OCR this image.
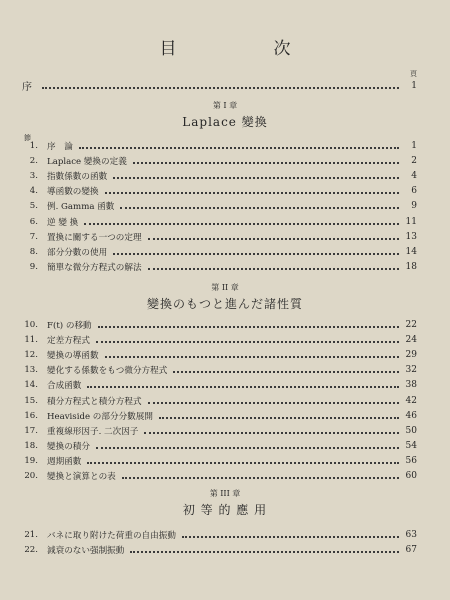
目　次
頁
序	1
第 I 章
Laplace 變換
節
1.	序　論	1
2.	Laplace 變換の定義	2
3.	指數係數の函數	4
4.	導函數の變換	6
5.	例. Gamma 函數	9
6.	逆 變 換	11
7.	置換に關する一つの定理	13
8.	部分分數の使用	14
9.	簡單な微分方程式の解法	18
第 II 章
變換のもつと進んだ諸性質
10.	F(t) の移動	22
11.	定差方程式	24
12.	變換の導函數	29
13.	變化する係數をもつ微分方程式	32
14.	合成函數	38
15.	積分方程式と積分方程式	42
16.	Heaviside の部分分數展開	46
17.	重複線形因子. 二次因子	50
18.	變換の積分	54
19.	週期函數	56
20.	變換と演算との表	60
第 III 章
初 等 的 應 用
21.	バネに取り附けた荷重の自由振動	63
22.	減衰のない强制振動	67
